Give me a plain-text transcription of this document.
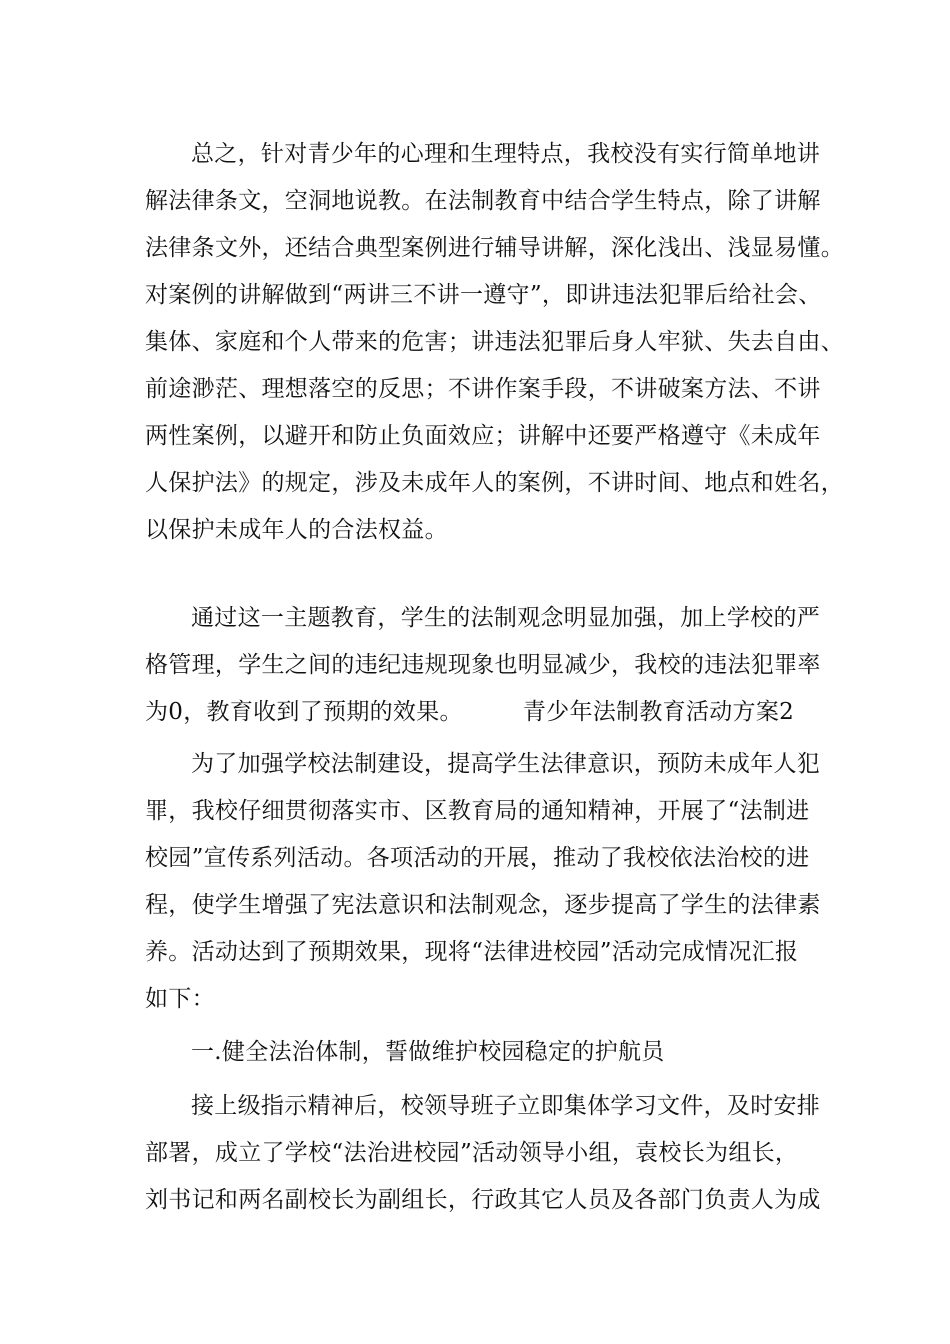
总之，针对青少年的心理和生理特点，我校没有实行简单地讲

解法律条文，空洞地说教。在法制教育中结合学生特点，除了讲解

法律条文外，还结合典型案例进行辅导讲解，深化浅出、浅显易懂。

对案例的讲解做到“两讲三不讲一遵守”，即讲违法犯罪后给社会、

集体、家庭和个人带来的危害；讲违法犯罪后身人牢狱、失去自由、

前途渺茫、理想落空的反思；不讲作案手段，不讲破案方法、不讲

两性案例，以避开和防止负面效应；讲解中还要严格遵守《未成年

人保护法》的规定，涉及未成年人的案例，不讲时间、地点和姓名，

以保护未成年人的合法权益。

通过这一主题教育，学生的法制观念明显加强，加上学校的严

格管理，学生之间的违纪违规现象也明显减少，我校的违法犯罪率

为0，教育收到了预期的效果。	青少年法制教育活动方案2

为了加强学校法制建设，提高学生法律意识，预防未成年人犯

罪，我校仔细贯彻落实市、区教育局的通知精神，开展了“法制进

校园”宣传系列活动。各项活动的开展，推动了我校依法治校的进

程，使学生增强了宪法意识和法制观念，逐步提高了学生的法律素

养。活动达到了预期效果，现将“法律进校园”活动完成情况汇报

如下：

一.健全法治体制，誓做维护校园稳定的护航员

接上级指示精神后，校领导班子立即集体学习文件，及时安排

部署，成立了学校“法治进校园”活动领导小组，袁校长为组长，

刘书记和两名副校长为副组长，行政其它人员及各部门负责人为成
